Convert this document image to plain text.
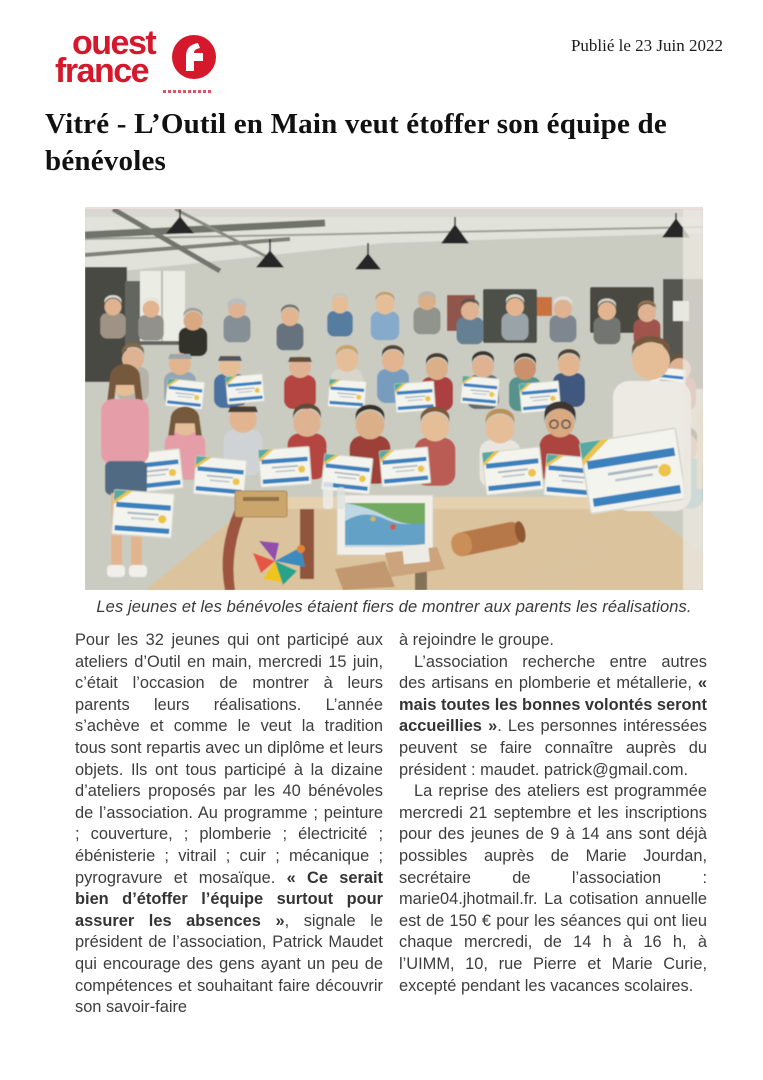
ouest
france
Publié le 23 Juin 2022
Vitré - L’Outil en Main veut étoffer son équipe de bénévoles
Les jeunes et les bénévoles étaient fiers de montrer aux parents les réalisations.

Pour les 32 jeunes qui ont participé aux ateliers d’Outil en main, mercredi 15 juin, c’était l’occasion de montrer à leurs parents leurs réalisations. L’année s’achève et comme le veut la tradition tous sont repartis avec un diplôme et leurs objets. Ils ont tous participé à la dizaine d’ateliers proposés par les 40 bénévoles de l’association. Au programme ; peinture ; couverture, ; plomberie ; électricité ; ébénisterie ; vitrail ; cuir ; mécanique ; pyrogravure et mosaïque. « Ce serait bien d’étoffer l’équipe surtout pour assurer les absences », signale le président de l’association, Patrick Maudet qui encourage des gens ayant un peu de compétences et souhaitant faire découvrir son savoir-faire

à rejoindre le groupe.

L’association recherche entre autres des artisans en plomberie et métallerie, « mais toutes les bonnes volontés seront accueillies ». Les personnes intéressées peuvent se faire connaître auprès du président : maudet. patrick@gmail.com.

La reprise des ateliers est programmée mercredi 21 septembre et les inscriptions pour des jeunes de 9 à 14 ans sont déjà possibles auprès de Marie Jourdan, secrétaire de l’association : marie04.jhotmail.fr. La cotisation annuelle est de 150 € pour les séances qui ont lieu chaque mercredi, de 14 h à 16 h, à l’UIMM, 10, rue Pierre et Marie Curie, excepté pendant les vacances scolaires.
